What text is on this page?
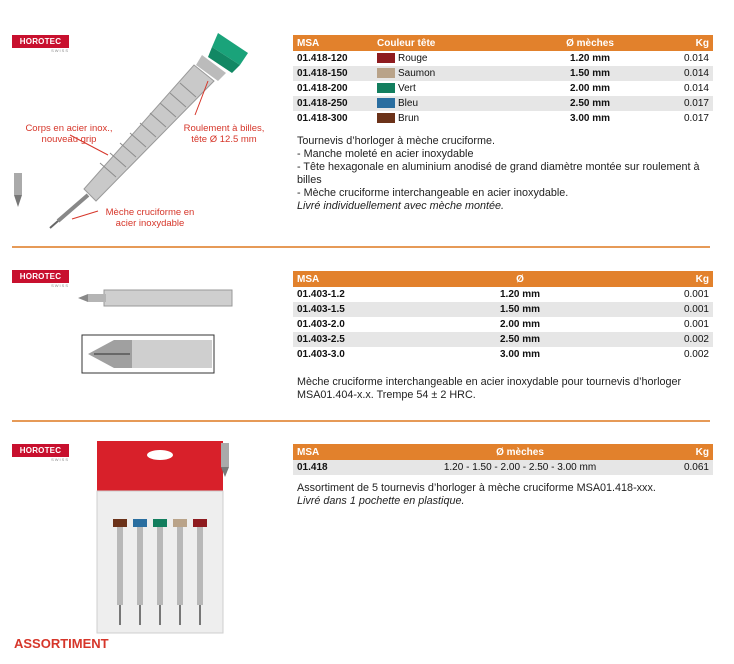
HOROTEC
SWISS
HOROTEC
SWISS
HOROTEC
SWISS
Corps en acier inox., nouveau grip
Roulement à billes, tête Ø 12.5 mm
Mèche cruciforme en acier inoxydable
MSA	Couleur tête	Ø mèches	Kg
01.418-120	Rouge	1.20 mm	0.014
01.418-150	Saumon	1.50 mm	0.014
01.418-200	Vert	2.00 mm	0.014
01.418-250	Bleu	2.50 mm	0.017
01.418-300	Brun	3.00 mm	0.017
Tournevis d’horloger à mèche cruciforme.
- Manche moleté en acier inoxydable
- Tête hexagonale en aluminium anodisé de grand diamètre montée sur roulement à billes
- Mèche cruciforme interchangeable en acier inoxydable.
Livré individuellement avec mèche montée.
MSA	Ø	Kg
01.403-1.2	1.20 mm	0.001
01.403-1.5	1.50 mm	0.001
01.403-2.0	2.00 mm	0.001
01.403-2.5	2.50 mm	0.002
01.403-3.0	3.00 mm	0.002
Mèche cruciforme interchangeable en acier inoxydable pour tournevis d’horloger MSA01.404-x.x. Trempe 54 ± 2 HRC.
ASSORTIMENT
MSA	Ø mèches	Kg
01.418	1.20 - 1.50 - 2.00 - 2.50 - 3.00 mm	0.061
Assortiment de 5 tournevis d’horloger à mèche cruciforme MSA01.418-xxx.
Livré dans 1 pochette en plastique.
